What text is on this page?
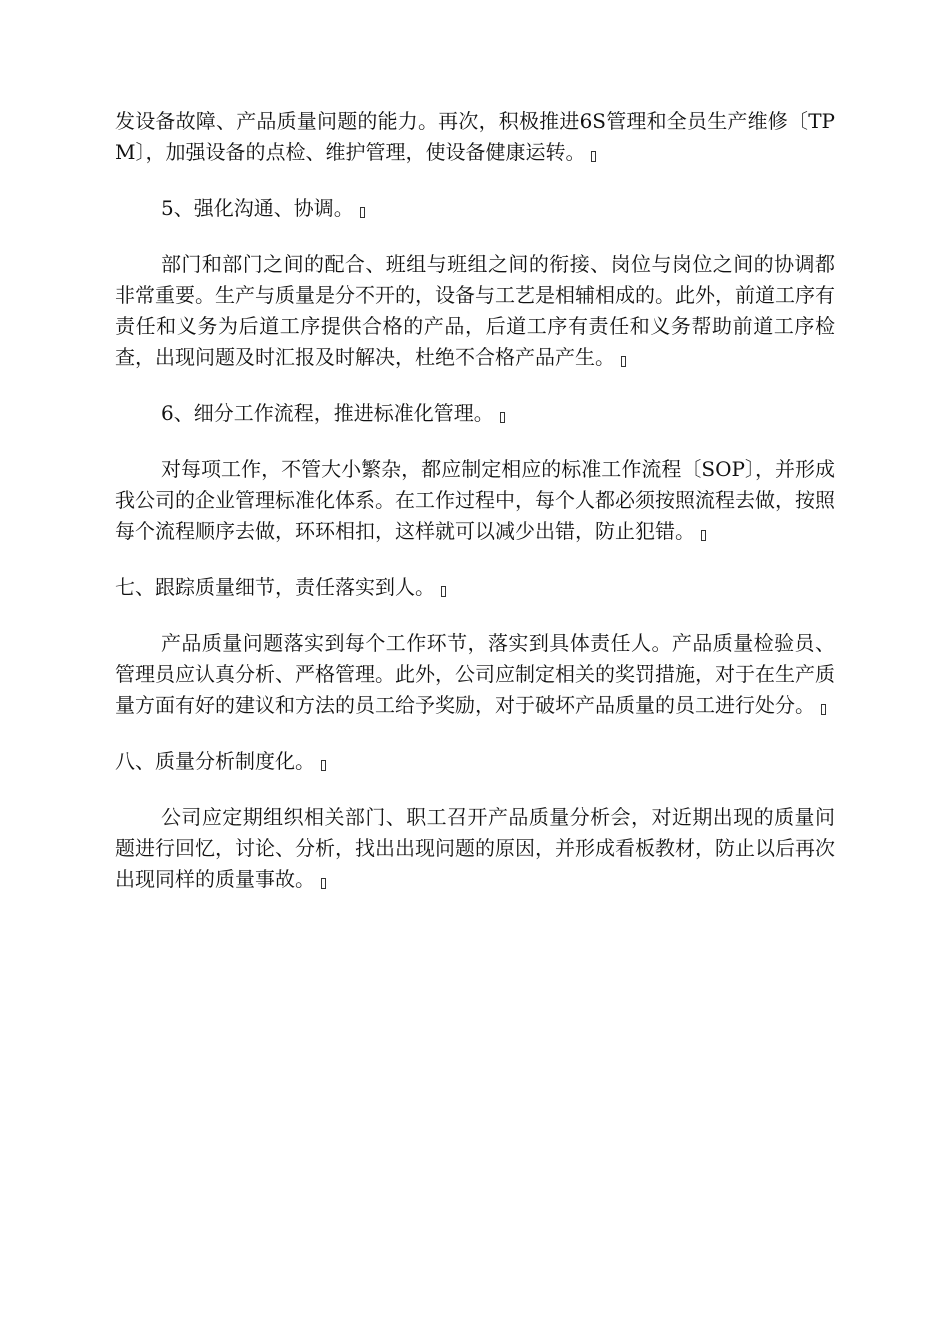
发设备故障、产品质量问题的能力。再次，积极推进6S管理和全员生产维修〔TPM〕，加强设备的点检、维护管理，使设备健康运转。

5、强化沟通、协调。

部门和部门之间的配合、班组与班组之间的衔接、岗位与岗位之间的协调都非常重要。生产与质量是分不开的，设备与工艺是相辅相成的。此外，前道工序有责任和义务为后道工序提供合格的产品，后道工序有责任和义务帮助前道工序检查，出现问题及时汇报及时解决，杜绝不合格产品产生。

6、细分工作流程，推进标准化管理。

对每项工作，不管大小繁杂，都应制定相应的标准工作流程〔SOP〕，并形成我公司的企业管理标准化体系。在工作过程中，每个人都必须按照流程去做，按照每个流程顺序去做，环环相扣，这样就可以减少出错，防止犯错。

七、跟踪质量细节，责任落实到人。

产品质量问题落实到每个工作环节，落实到具体责任人。产品质量检验员、管理员应认真分析、严格管理。此外，公司应制定相关的奖罚措施，对于在生产质量方面有好的建议和方法的员工给予奖励，对于破坏产品质量的员工进行处分。

八、质量分析制度化。

公司应定期组织相关部门、职工召开产品质量分析会，对近期出现的质量问题进行回忆，讨论、分析，找出出现问题的原因，并形成看板教材，防止以后再次出现同样的质量事故。
